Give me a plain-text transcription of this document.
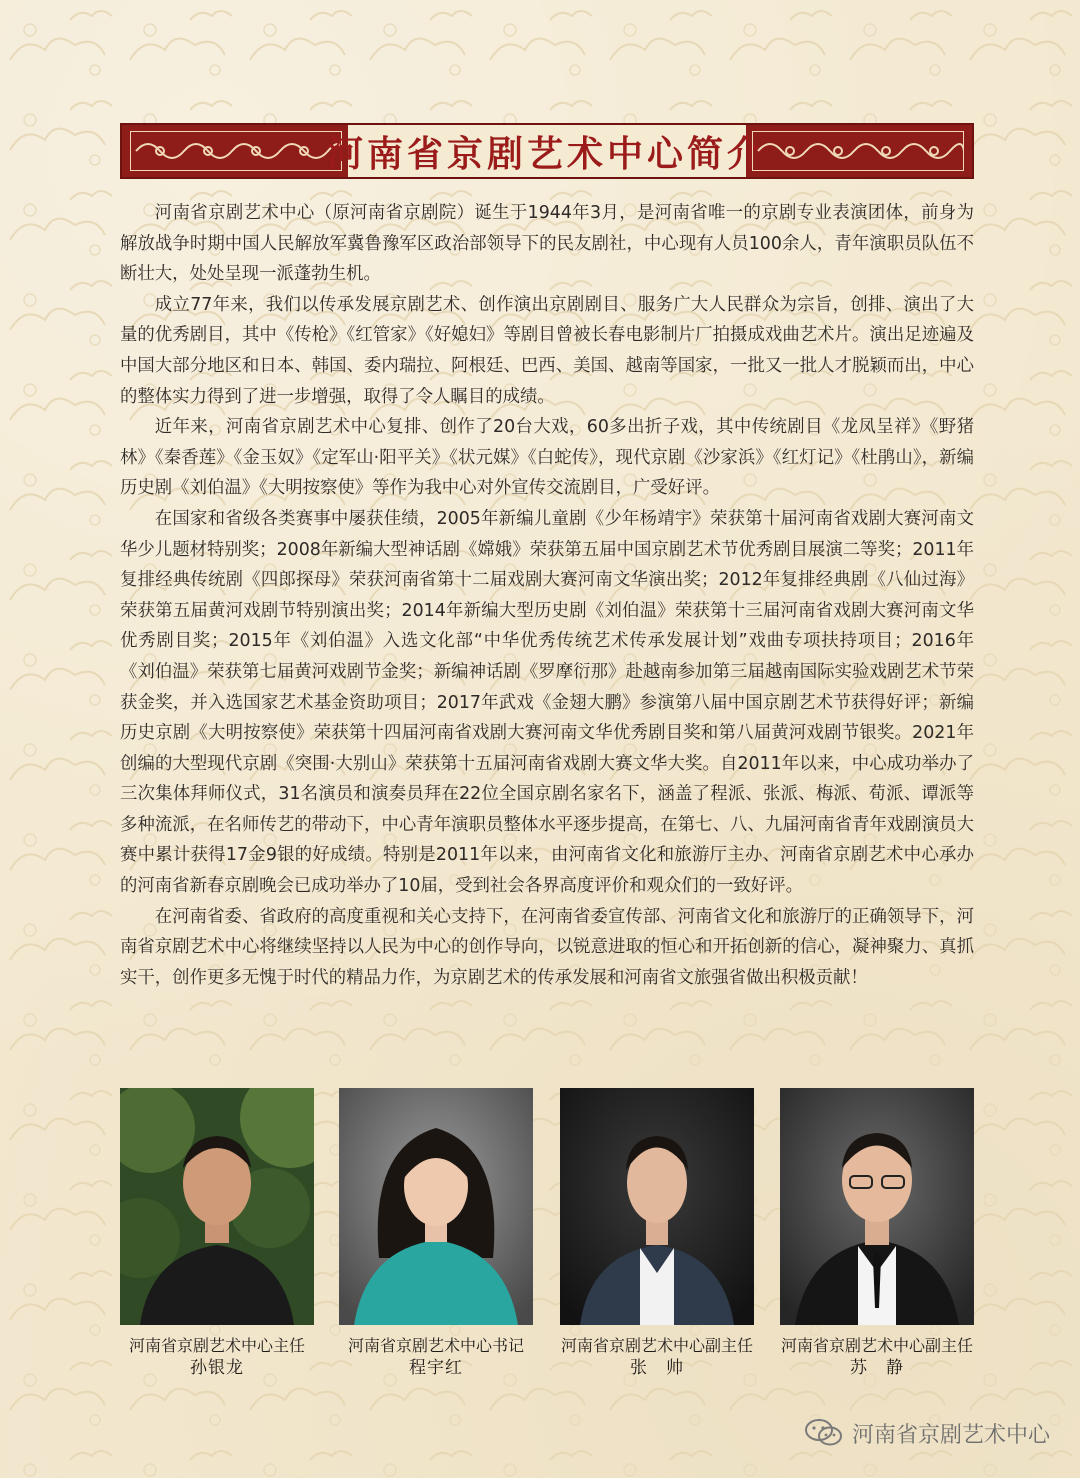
河南省京剧艺术中心简介

河南省京剧艺术中心（原河南省京剧院）诞生于1944年3月，是河南省唯一的京剧专业表演团体，前身为解放战争时期中国人民解放军冀鲁豫军区政治部领导下的民友剧社，中心现有人员100余人，青年演职员队伍不断壮大，处处呈现一派蓬勃生机。

成立77年来，我们以传承发展京剧艺术、创作演出京剧剧目、服务广大人民群众为宗旨，创排、演出了大量的优秀剧目，其中《传枪》《红管家》《好媳妇》等剧目曾被长春电影制片厂拍摄成戏曲艺术片。演出足迹遍及中国大部分地区和日本、韩国、委内瑞拉、阿根廷、巴西、美国、越南等国家，一批又一批人才脱颖而出，中心的整体实力得到了进一步增强，取得了令人瞩目的成绩。

近年来，河南省京剧艺术中心复排、创作了20台大戏，60多出折子戏，其中传统剧目《龙凤呈祥》《野猪林》《秦香莲》《金玉奴》《定军山·阳平关》《状元媒》《白蛇传》，现代京剧《沙家浜》《红灯记》《杜鹃山》，新编历史剧《刘伯温》《大明按察使》等作为我中心对外宣传交流剧目，广受好评。

在国家和省级各类赛事中屡获佳绩，2005年新编儿童剧《少年杨靖宇》荣获第十届河南省戏剧大赛河南文华少儿题材特别奖；2008年新编大型神话剧《嫦娥》荣获第五届中国京剧艺术节优秀剧目展演二等奖；2011年复排经典传统剧《四郎探母》荣获河南省第十二届戏剧大赛河南文华演出奖；2012年复排经典剧《八仙过海》荣获第五届黄河戏剧节特别演出奖；2014年新编大型历史剧《刘伯温》荣获第十三届河南省戏剧大赛河南文华优秀剧目奖；2015年《刘伯温》入选文化部“中华优秀传统艺术传承发展计划”戏曲专项扶持项目；2016年《刘伯温》荣获第七届黄河戏剧节金奖；新编神话剧《罗摩衍那》赴越南参加第三届越南国际实验戏剧艺术节荣获金奖，并入选国家艺术基金资助项目；2017年武戏《金翅大鹏》参演第八届中国京剧艺术节获得好评；新编历史京剧《大明按察使》荣获第十四届河南省戏剧大赛河南文华优秀剧目奖和第八届黄河戏剧节银奖。2021年创编的大型现代京剧《突围·大别山》荣获第十五届河南省戏剧大赛文华大奖。自2011年以来，中心成功举办了三次集体拜师仪式，31名演员和演奏员拜在22位全国京剧名家名下，涵盖了程派、张派、梅派、荀派、谭派等多种流派，在名师传艺的带动下，中心青年演职员整体水平逐步提高，在第七、八、九届河南省青年戏剧演员大赛中累计获得17金9银的好成绩。特别是2011年以来，由河南省文化和旅游厅主办、河南省京剧艺术中心承办的河南省新春京剧晚会已成功举办了10届，受到社会各界高度评价和观众们的一致好评。

在河南省委、省政府的高度重视和关心支持下，在河南省委宣传部、河南省文化和旅游厅的正确领导下，河南省京剧艺术中心将继续坚持以人民为中心的创作导向，以锐意进取的恒心和开拓创新的信心，凝神聚力、真抓实干，创作更多无愧于时代的精品力作，为京剧艺术的传承发展和河南省文旅强省做出积极贡献！

河南省京剧艺术中心主任
孙银龙
河南省京剧艺术中心书记
程宇红
河南省京剧艺术中心副主任
张　帅
河南省京剧艺术中心副主任
苏　静
河南省京剧艺术中心
